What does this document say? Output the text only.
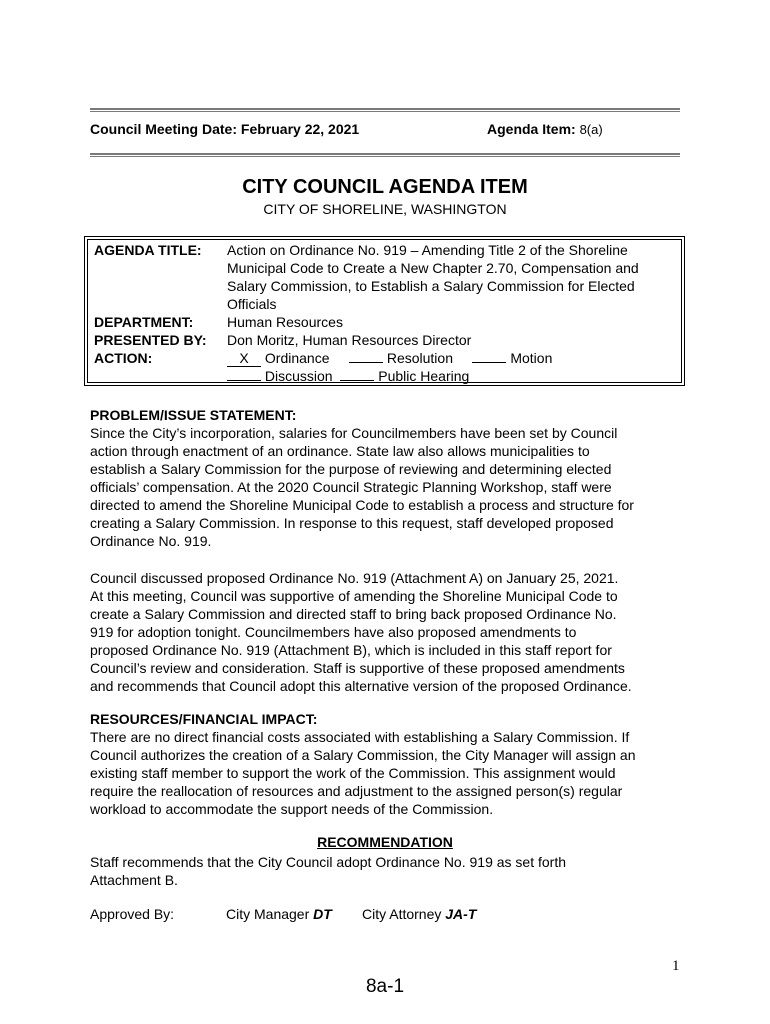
Council Meeting Date: February 22, 2021	Agenda Item: 8(a)
CITY COUNCIL AGENDA ITEM
CITY OF SHORELINE, WASHINGTON
AGENDA TITLE: Action on Ordinance No. 919 – Amending Title 2 of the Shoreline Municipal Code to Create a New Chapter 2.70, Compensation and Salary Commission, to Establish a Salary Commission for Elected Officials
DEPARTMENT: Human Resources
PRESENTED BY: Don Moritz, Human Resources Director
ACTION:	X Ordinance	Resolution	Motion
Discussion	Public Hearing
PROBLEM/ISSUE STATEMENT:
Since the City’s incorporation, salaries for Councilmembers have been set by Council
action through enactment of an ordinance. State law also allows municipalities to
establish a Salary Commission for the purpose of reviewing and determining elected
officials’ compensation. At the 2020 Council Strategic Planning Workshop, staff were
directed to amend the Shoreline Municipal Code to establish a process and structure for
creating a Salary Commission. In response to this request, staff developed proposed
Ordinance No. 919.
Council discussed proposed Ordinance No. 919 (Attachment A) on January 25, 2021.
At this meeting, Council was supportive of amending the Shoreline Municipal Code to
create a Salary Commission and directed staff to bring back proposed Ordinance No.
919 for adoption tonight. Councilmembers have also proposed amendments to
proposed Ordinance No. 919 (Attachment B), which is included in this staff report for
Council’s review and consideration. Staff is supportive of these proposed amendments
and recommends that Council adopt this alternative version of the proposed Ordinance.
RESOURCES/FINANCIAL IMPACT:
There are no direct financial costs associated with establishing a Salary Commission. If
Council authorizes the creation of a Salary Commission, the City Manager will assign an
existing staff member to support the work of the Commission. This assignment would
require the reallocation of resources and adjustment to the assigned person(s) regular
workload to accommodate the support needs of the Commission.
RECOMMENDATION
Staff recommends that the City Council adopt Ordinance No. 919 as set forth
Attachment B.
Approved By:	City Manager DT City Attorney JA-T
1
8a-1
